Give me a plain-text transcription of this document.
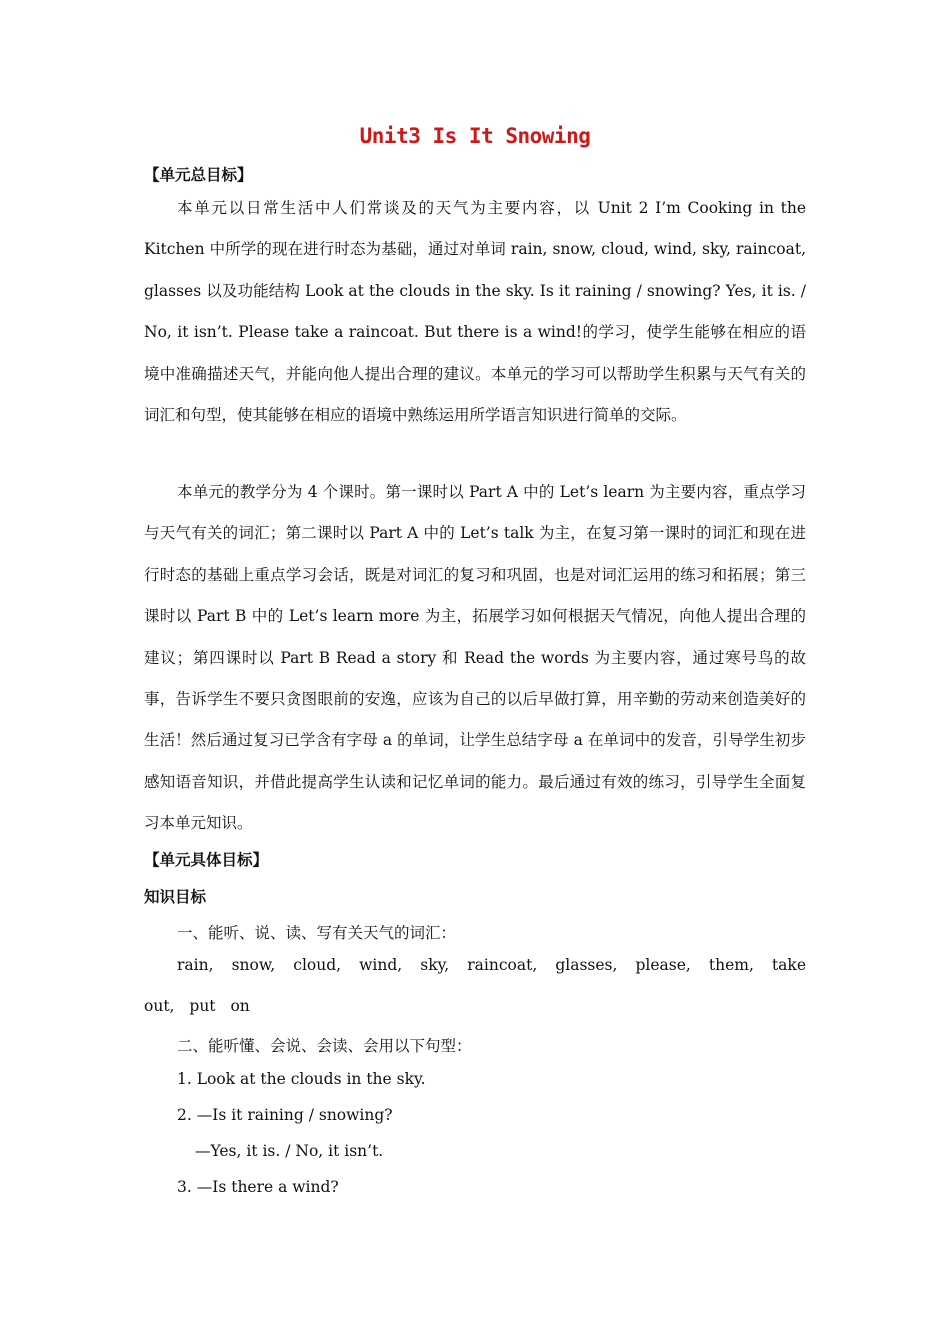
Unit3 Is It Snowing
【单元总目标】

本单元以日常生活中人们常谈及的天气为主要内容，以 Unit 2 I’m Cooking in the Kitchen 中所学的现在进行时态为基础，通过对单词 rain, snow, cloud, wind, sky, raincoat, glasses 以及功能结构 Look at the clouds in the sky. Is it raining / snowing? Yes, it is. / No, it isn’t. Please take a raincoat. But there is a wind!的学习，使学生能够在相应的语境中准确描述天气，并能向他人提出合理的建议。本单元的学习可以帮助学生积累与天气有关的词汇和句型，使其能够在相应的语境中熟练运用所学语言知识进行简单的交际。

本单元的教学分为 4 个课时。第一课时以 Part A 中的 Let’s learn 为主要内容，重点学习与天气有关的词汇；第二课时以 Part A 中的 Let’s talk 为主，在复习第一课时的词汇和现在进行时态的基础上重点学习会话，既是对词汇的复习和巩固，也是对词汇运用的练习和拓展；第三课时以 Part B 中的 Let’s learn more 为主，拓展学习如何根据天气情况，向他人提出合理的建议；第四课时以 Part B Read a story 和 Read the words 为主要内容，通过寒号鸟的故事，告诉学生不要只贪图眼前的安逸，应该为自己的以后早做打算，用辛勤的劳动来创造美好的生活！然后通过复习已学含有字母 a 的单词，让学生总结字母 a 在单词中的发音，引导学生初步感知语音知识，并借此提高学生认读和记忆单词的能力。最后通过有效的练习，引导学生全面复习本单元知识。

【单元具体目标】
知识目标
一、能听、说、读、写有关天气的词汇：

rain, snow, cloud, wind, sky, raincoat, glasses, please, them, take out, put on

二、能听懂、会说、会读、会用以下句型：
1. Look at the clouds in the sky.
2. —Is it raining / snowing?
—Yes, it is. / No, it isn’t.
3. —Is there a wind?
